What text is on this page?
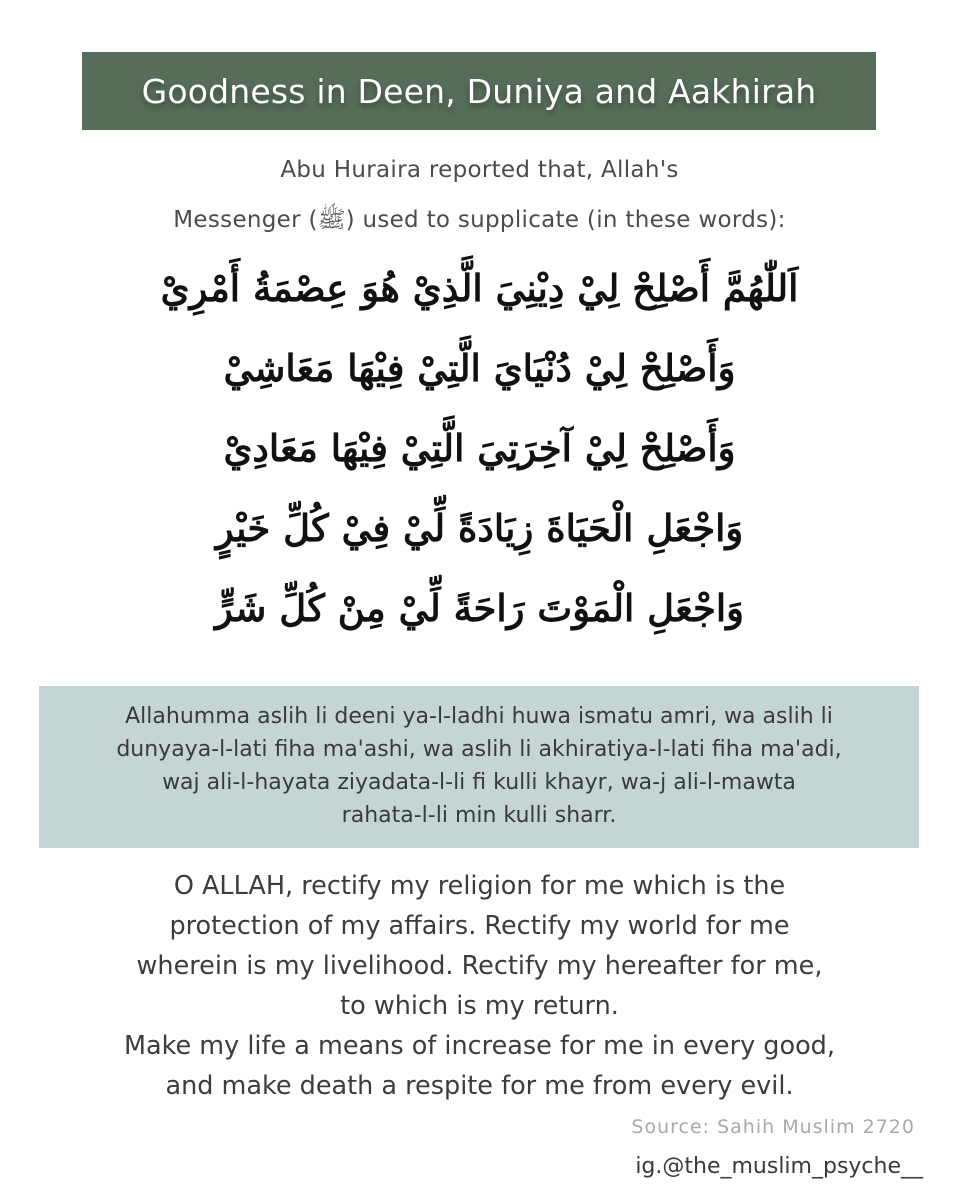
Goodness in Deen, Duniya and Aakhirah
Abu Huraira reported that, Allah's
Messenger (ﷺ) used to supplicate (in these words):
اَللّٰهُمَّ أَصْلِحْ لِيْ دِيْنِيَ الَّذِيْ هُوَ عِصْمَةُ أَمْرِيْ
وَأَصْلِحْ لِيْ دُنْيَايَ الَّتِيْ فِيْهَا مَعَاشِيْ
وَأَصْلِحْ لِيْ آخِرَتِيَ الَّتِيْ فِيْهَا مَعَادِيْ
وَاجْعَلِ الْحَيَاةَ زِيَادَةً لِّيْ فِيْ كُلِّ خَيْرٍ
وَاجْعَلِ الْمَوْتَ رَاحَةً لِّيْ مِنْ كُلِّ شَرٍّ
Allahumma aslih li deeni ya-l-ladhi huwa ismatu amri, wa aslih li
dunyaya-l-lati fiha ma'ashi, wa aslih li akhiratiya-l-lati fiha ma'adi,
waj ali-l-hayata ziyadata-l-li fi kulli khayr, wa-j ali-l-mawta
rahata-l-li min kulli sharr.
O ALLAH, rectify my religion for me which is the
protection of my affairs. Rectify my world for me
wherein is my livelihood. Rectify my hereafter for me,
to which is my return.
Make my life a means of increase for me in every good,
and make death a respite for me from every evil.
Source: Sahih Muslim 2720
ig.@the_muslim_psyche__
